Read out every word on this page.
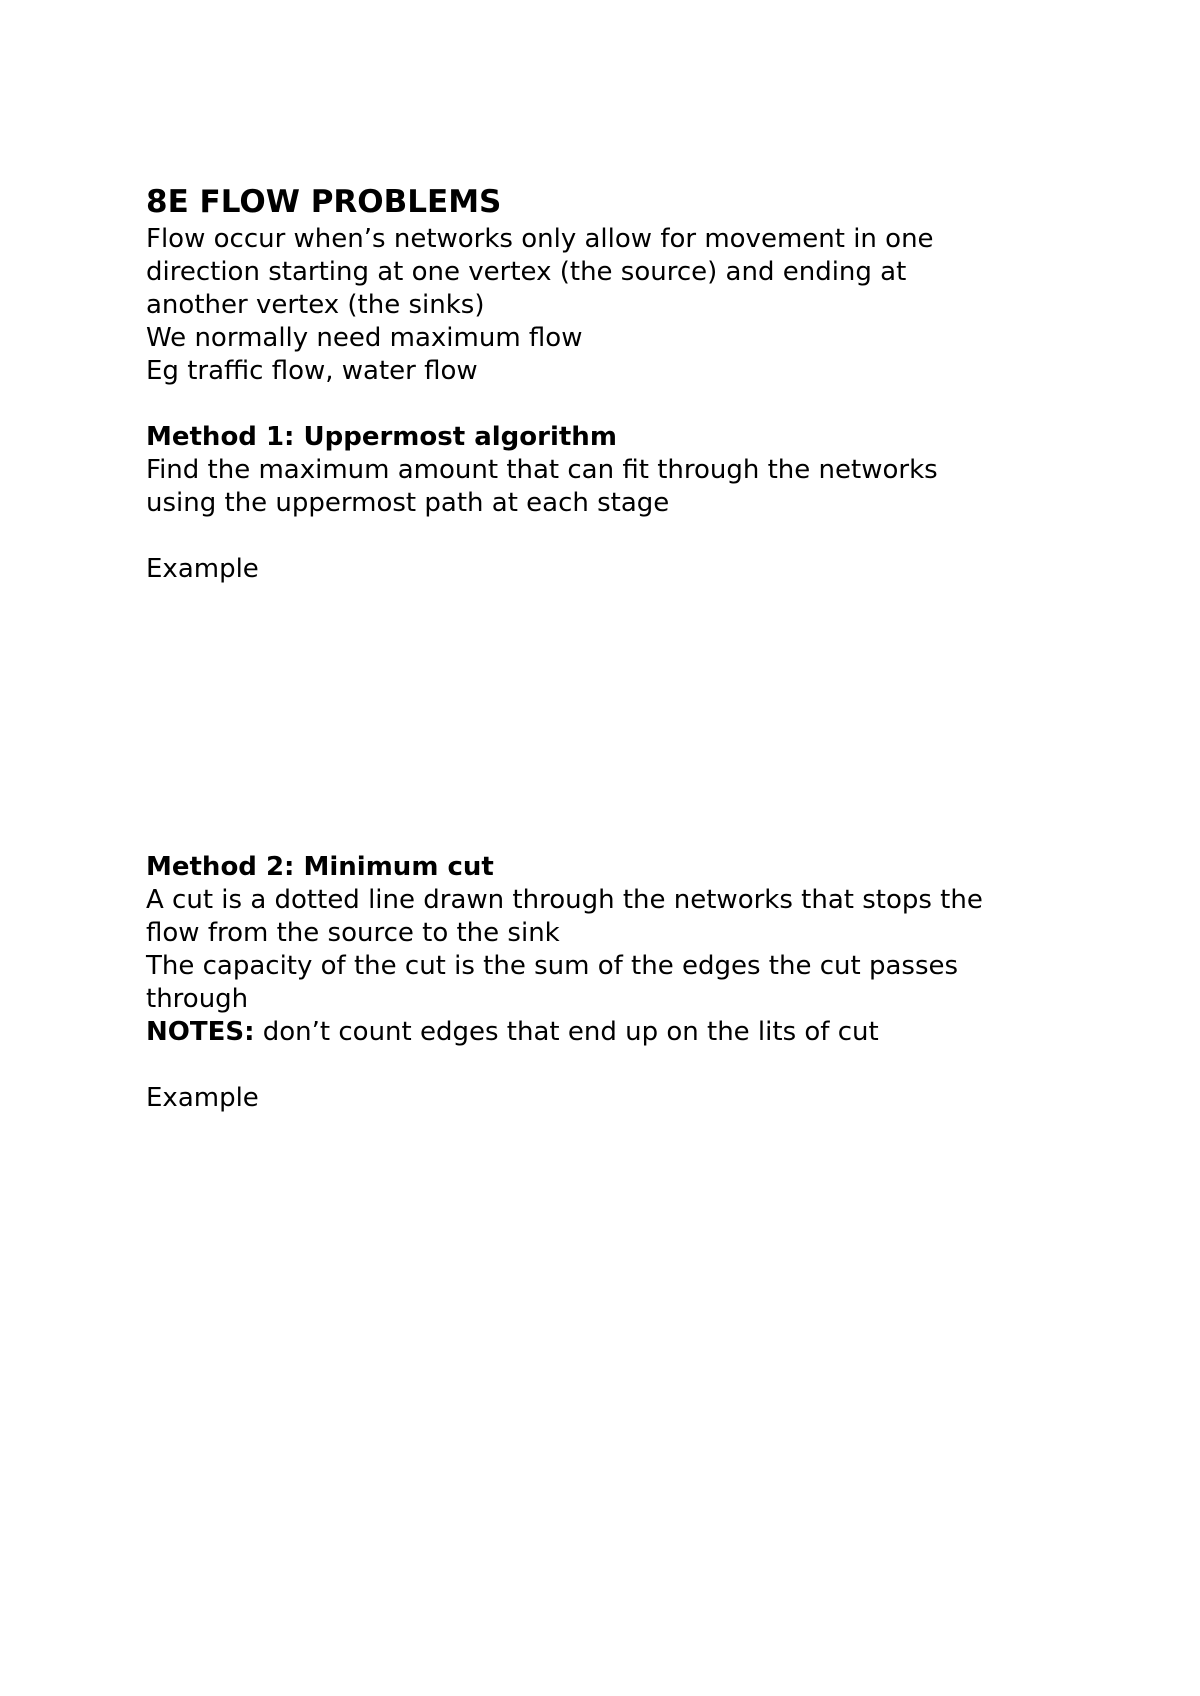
8E FLOW PROBLEMS
Flow occur when’s networks only allow for movement in one
direction starting at one vertex (the source) and ending at
another vertex (the sinks)
We normally need maximum flow
Eg traffic flow, water flow
Method 1: Uppermost algorithm
Find the maximum amount that can fit through the networks
using the uppermost path at each stage
Example
Method 2: Minimum cut
A cut is a dotted line drawn through the networks that stops the
flow from the source to the sink
The capacity of the cut is the sum of the edges the cut passes
through
NOTES: don’t count edges that end up on the lits of cut
Example
